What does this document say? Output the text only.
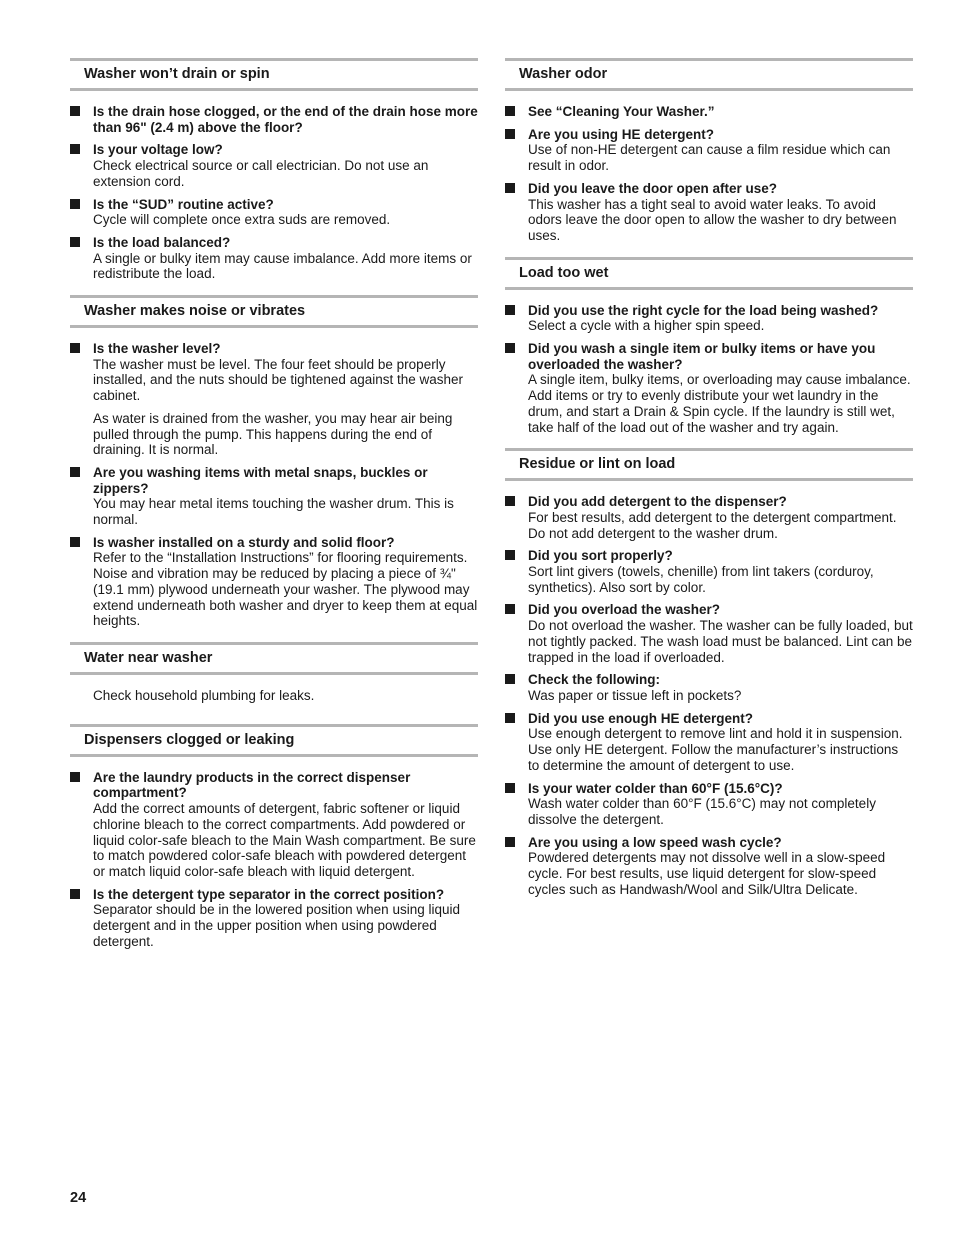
Washer won’t drain or spin
Is the drain hose clogged, or the end of the drain hose more than 96" (2.4 m) above the floor?
Is your voltage low?
Check electrical source or call electrician. Do not use an extension cord.
Is the “SUD” routine active?
Cycle will complete once extra suds are removed.
Is the load balanced?
A single or bulky item may cause imbalance. Add more items or redistribute the load.
Washer makes noise or vibrates
Is the washer level?
The washer must be level. The four feet should be properly installed, and the nuts should be tightened against the washer cabinet.
As water is drained from the washer, you may hear air being pulled through the pump. This happens during the end of draining. It is normal.
Are you washing items with metal snaps, buckles or zippers?
You may hear metal items touching the washer drum. This is normal.
Is washer installed on a sturdy and solid floor?
Refer to the “Installation Instructions” for flooring requirements. Noise and vibration may be reduced by placing a piece of ¾" (19.1 mm) plywood underneath your washer. The plywood may extend underneath both washer and dryer to keep them at equal heights.
Water near washer
Check household plumbing for leaks.
Dispensers clogged or leaking
Are the laundry products in the correct dispenser compartment?
Add the correct amounts of detergent, fabric softener or liquid chlorine bleach to the correct compartments. Add powdered or liquid color-safe bleach to the Main Wash compartment. Be sure to match powdered color-safe bleach with powdered detergent or match liquid color-safe bleach with liquid detergent.
Is the detergent type separator in the correct position?
Separator should be in the lowered position when using liquid detergent and in the upper position when using powdered detergent.
Washer odor
See “Cleaning Your Washer.”
Are you using HE detergent?
Use of non-HE detergent can cause a film residue which can result in odor.
Did you leave the door open after use?
This washer has a tight seal to avoid water leaks. To avoid odors leave the door open to allow the washer to dry between uses.
Load too wet
Did you use the right cycle for the load being washed?
Select a cycle with a higher spin speed.
Did you wash a single item or bulky items or have you overloaded the washer?
A single item, bulky items, or overloading may cause imbalance. Add items or try to evenly distribute your wet laundry in the drum, and start a Drain & Spin cycle. If the laundry is still wet, take half of the load out of the washer and try again.
Residue or lint on load
Did you add detergent to the dispenser?
For best results, add detergent to the detergent compartment. Do not add detergent to the washer drum.
Did you sort properly?
Sort lint givers (towels, chenille) from lint takers (corduroy, synthetics). Also sort by color.
Did you overload the washer?
Do not overload the washer. The washer can be fully loaded, but not tightly packed. The wash load must be balanced. Lint can be trapped in the load if overloaded.
Check the following:
Was paper or tissue left in pockets?
Did you use enough HE detergent?
Use enough detergent to remove lint and hold it in suspension. Use only HE detergent. Follow the manufacturer’s instructions to determine the amount of detergent to use.
Is your water colder than 60°F (15.6°C)?
Wash water colder than 60°F (15.6°C) may not completely dissolve the detergent.
Are you using a low speed wash cycle?
Powdered detergents may not dissolve well in a slow-speed cycle. For best results, use liquid detergent for slow-speed cycles such as Handwash/Wool and Silk/Ultra Delicate.
24
